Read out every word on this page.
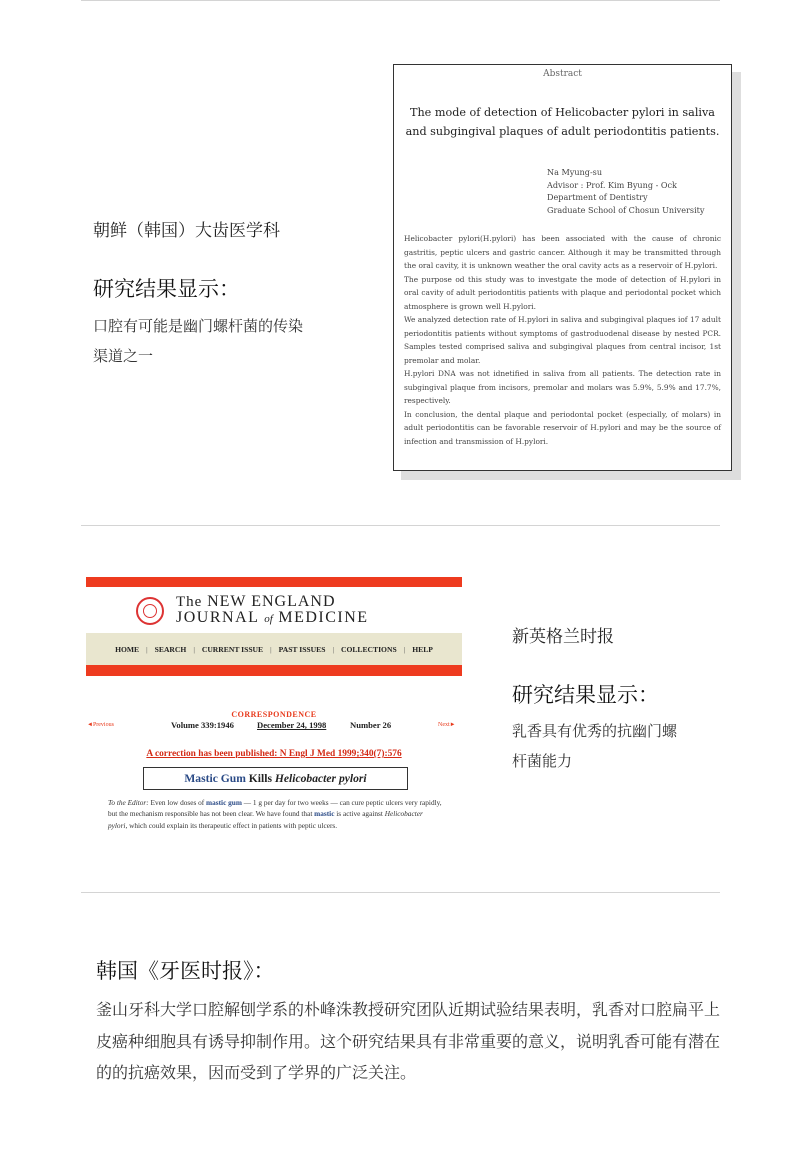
朝鲜（韩国）大齿医学科
研究结果显示：
口腔有可能是幽门螺杆菌的传染
渠道之一
Abstract
The mode of detection of Helicobacter pylori in saliva
and subgingival plaques of adult periodontitis patients.
Na Myung-su
Advisor : Prof. Kim Byung - Ock
Department of Dentistry
Graduate School of Chosun University

Helicobacter pylori(H.pylori) has been associated with the cause of chronic gastritis, peptic ulcers and gastric cancer. Although it may be transmitted through the oral cavity, it is unknown weather the oral cavity acts as a reservoir of H.pylori.

The purpose od this study was to investgate the mode of detection of H.pylori in oral cavity of adult periodontitis patients with plaque and periodontal pocket which atmosphere is grown well H.pylori.

We analyzed detection rate of H.pylori in saliva and subgingival plaques iof 17 adult periodontitis patients without symptoms of gastroduodenal disease by nested PCR. Samples tested comprised saliva and subgingival plaques from central incisor, 1st premolar and molar.

H.pylori DNA was not idnetified in saliva from all patients. The detection rate in subgingival plaque from incisors, premolar and molars was 5.9%, 5.9% and 17.7%, respectively.

In conclusion, the dental plaque and periodontal pocket (especially, of molars) in adult periodontitis can be favorable reservoir of H.pylori and may be the source of infection and transmission of H.pylori.

The NEW ENGLAND
JOURNAL of MEDICINE
HOME | SEARCH | CURRENT ISSUE | PAST ISSUES | COLLECTIONS | HELP
CORRESPONDENCE
◄Previous	Volume 339:1946	December 24, 1998	Number 26	Next►
A correction has been published: N Engl J Med 1999;340(7):576
Mastic Gum Kills Helicobacter pylori
To the Editor: Even low doses of mastic gum — 1 g per day for two weeks — can cure peptic ulcers very rapidly, but the mechanism responsible has not been clear. We have found that mastic is active against Helicobacter pylori, which could explain its therapeutic effect in patients with peptic ulcers.
新英格兰时报
研究结果显示：
乳香具有优秀的抗幽门螺
杆菌能力
韩国《牙医时报》：
釜山牙科大学口腔解刨学系的朴峰洙教授研究团队近期试验结果表明，乳香对口腔扁平上皮癌种细胞具有诱导抑制作用。这个研究结果具有非常重要的意义，说明乳香可能有潜在的的抗癌效果，因而受到了学界的广泛关注。
